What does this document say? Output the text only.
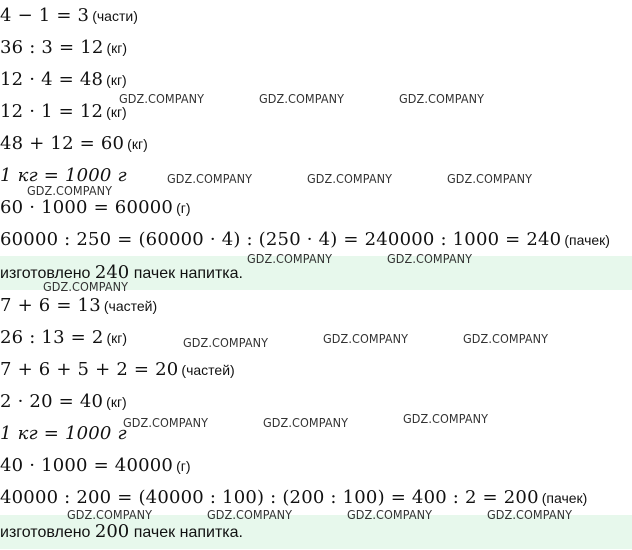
4 − 1 = 3 (части)
36 : 3 = 12 (кг)
12 · 4 = 48 (кг)
12 · 1 = 12 (кг)
48 + 12 = 60 (кг)
1 кг = 1000 г
60 · 1000 = 60000 (г)
60000 : 250 = (60000 · 4) : (250 · 4) = 240000 : 1000 = 240 (пачек)
изготовлено 240 пачек напитка.
7 + 6 = 13 (частей)
26 : 13 = 2 (кг)
7 + 6 + 5 + 2 = 20 (частей)
2 · 20 = 40 (кг)
1 кг = 1000 г
40 · 1000 = 40000 (г)
40000 : 200 = (40000 : 100) : (200 : 100) = 400 : 2 = 200 (пачек)
изготовлено 200 пачек напитка.
GDZ.COMPANY	GDZ.COMPANY	GDZ.COMPANY
GDZ.COMPANY	GDZ.COMPANY	GDZ.COMPANY
GDZ.COMPANY
GDZ.COMPANY	GDZ.COMPANY
GDZ.COMPANY
GDZ.COMPANY	GDZ.COMPANY	GDZ.COMPANY
GDZ.COMPANY	GDZ.COMPANY	GDZ.COMPANY
GDZ.COMPANY	GDZ.COMPANY	GDZ.COMPANY	GDZ.COMPANY
